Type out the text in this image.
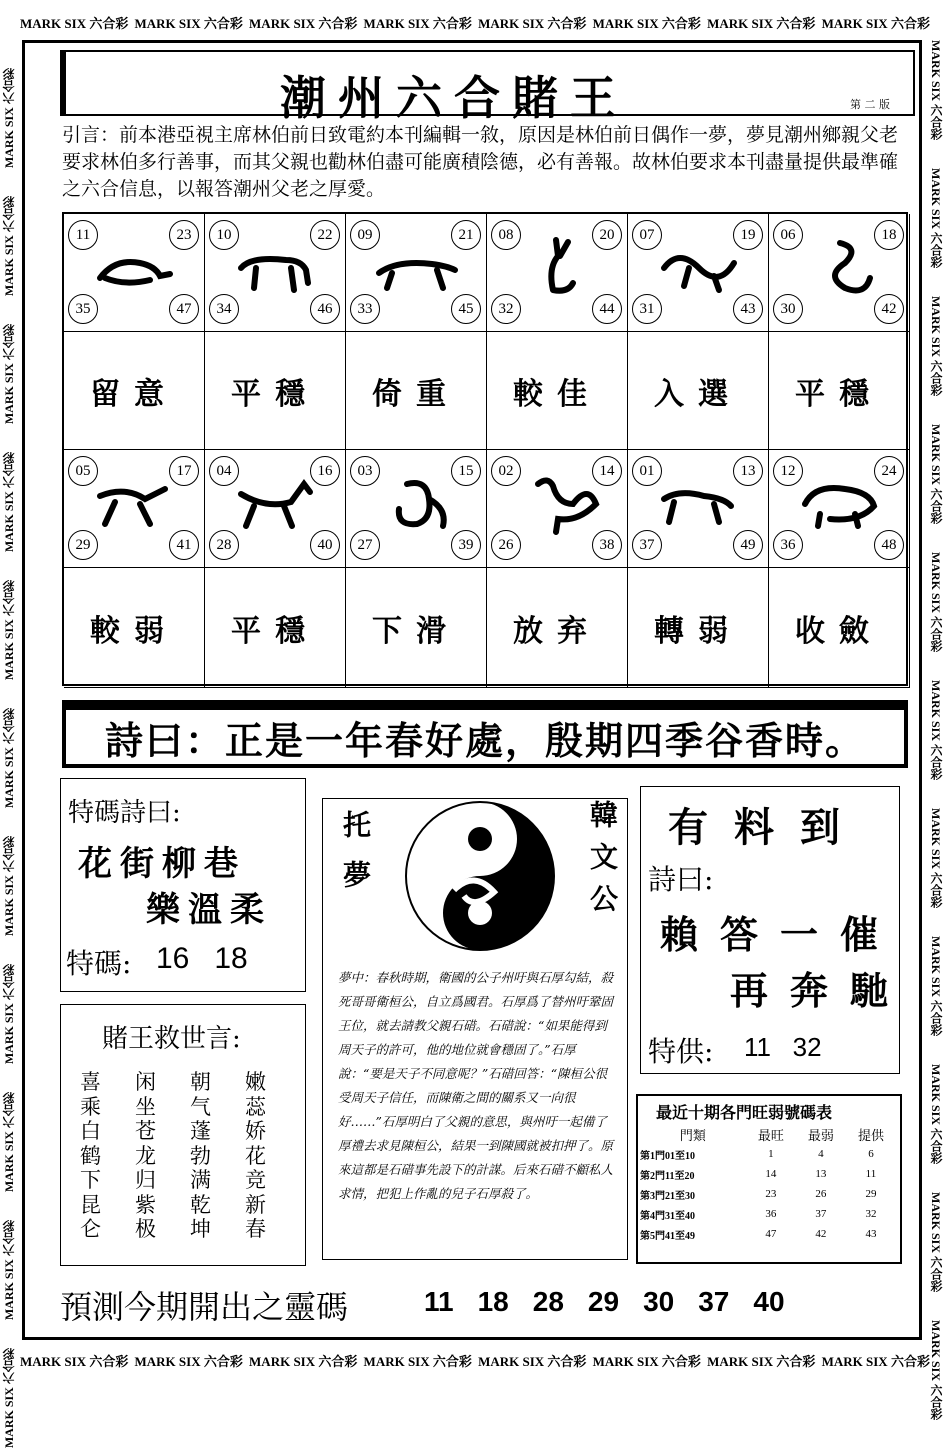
MARK SIX 六合彩 MARK SIX 六合彩 MARK SIX 六合彩 MARK SIX 六合彩 MARK SIX 六合彩 MARK SIX 六合彩 MARK SIX 六合彩 MARK SIX 六合彩
MARK SIX 六合彩 MARK SIX 六合彩 MARK SIX 六合彩 MARK SIX 六合彩 MARK SIX 六合彩 MARK SIX 六合彩 MARK SIX 六合彩 MARK SIX 六合彩
MARK SIX 六合彩MARK SIX 六合彩MARK SIX 六合彩MARK SIX 六合彩MARK SIX 六合彩MARK SIX 六合彩MARK SIX 六合彩MARK SIX 六合彩MARK SIX 六合彩MARK SIX 六合彩MARK SIX 六合彩	MARK SIX 六合彩MARK SIX 六合彩MARK SIX 六合彩MARK SIX 六合彩MARK SIX 六合彩MARK SIX 六合彩MARK SIX 六合彩MARK SIX 六合彩MARK SIX 六合彩MARK SIX 六合彩MARK SIX 六合彩
潮州六合賭王	第 二 版
引言：前本港亞視主席林伯前日致電約本刊編輯一敘，原因是林伯前日偶作一夢，夢見潮州鄉親父老要求林伯多行善事，而其父親也勸林伯盡可能廣積陰德，必有善報。故林伯要求本刊盡量提供最準確之六合信息，以報答潮州父老之厚愛。
11	23
35	47
留意
10	22
34	46
平穩
09	21
33	45
倚重
08	20
32	44
較佳
07	19
31	43
入選
06	18
30	42
平穩
05	17
29	41
較弱
04	16
28	40
平穩
03	15
27	39
下滑
02	14
26	38
放弃
01	13
37	49
轉弱
12	24
36	48
收斂
詩曰：正是一年春好處，殷期四季谷香時。
特碼詩曰:
花街柳巷
樂溫柔
特碼: 16   18
賭王救世言:
喜
乘
白
鹤
下
昆
仑
闲
坐
苍
龙
归
紫
极
朝
气
蓬
勃
满
乾
坤
嫩
蕊
娇
花
竞
新
春
托夢	韓文公
夢中：春秋時期，衛國的公子州吁與石厚勾結，殺死哥哥衛桓公，自立爲國君。石厚爲了替州吁鞏固王位，就去請教父親石碏。石碏說：“如果能得到周天子的許可，他的地位就會穩固了。”石厚說：“要是天子不同意呢？”石碏回答：“陳桓公很受周天子信任，而陳衛之間的關系又一向很好……”石厚明白了父親的意思，與州吁一起備了厚禮去求見陳桓公，結果一到陳國就被扣押了。原來這都是石碏事先設下的計謀。后來石碏不顧私人求情，把犯上作亂的兒子石厚殺了。
有料到
詩曰:
賴答一催
再奔馳
特供: 11   32
最近十期各門旺弱號碼表
門類	最旺	最弱	提供
第1門01至10	1	4	6
第2門11至20	14	13	11
第3門21至30	23	26	29
第4門31至40	36	37	32
第5門41至49	47	42	43
預測今期開出之靈碼	11 18 28 29 30 37 40
